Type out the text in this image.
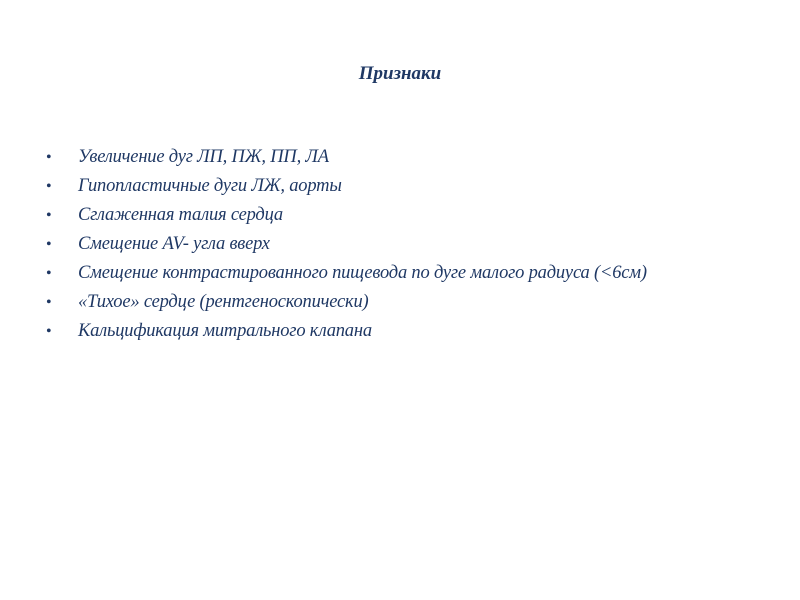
Признаки
• Увеличение дуг ЛП, ПЖ, ПП, ЛА
• Гипопластичные дуги ЛЖ, аорты
• Сглаженная талия сердца
• Смещение AV- угла вверх
• Смещение контрастированного пищевода по дуге малого радиуса (<6см)
• «Тихое» сердце (рентгеноскопически)
• Кальцификация митрального клапана
